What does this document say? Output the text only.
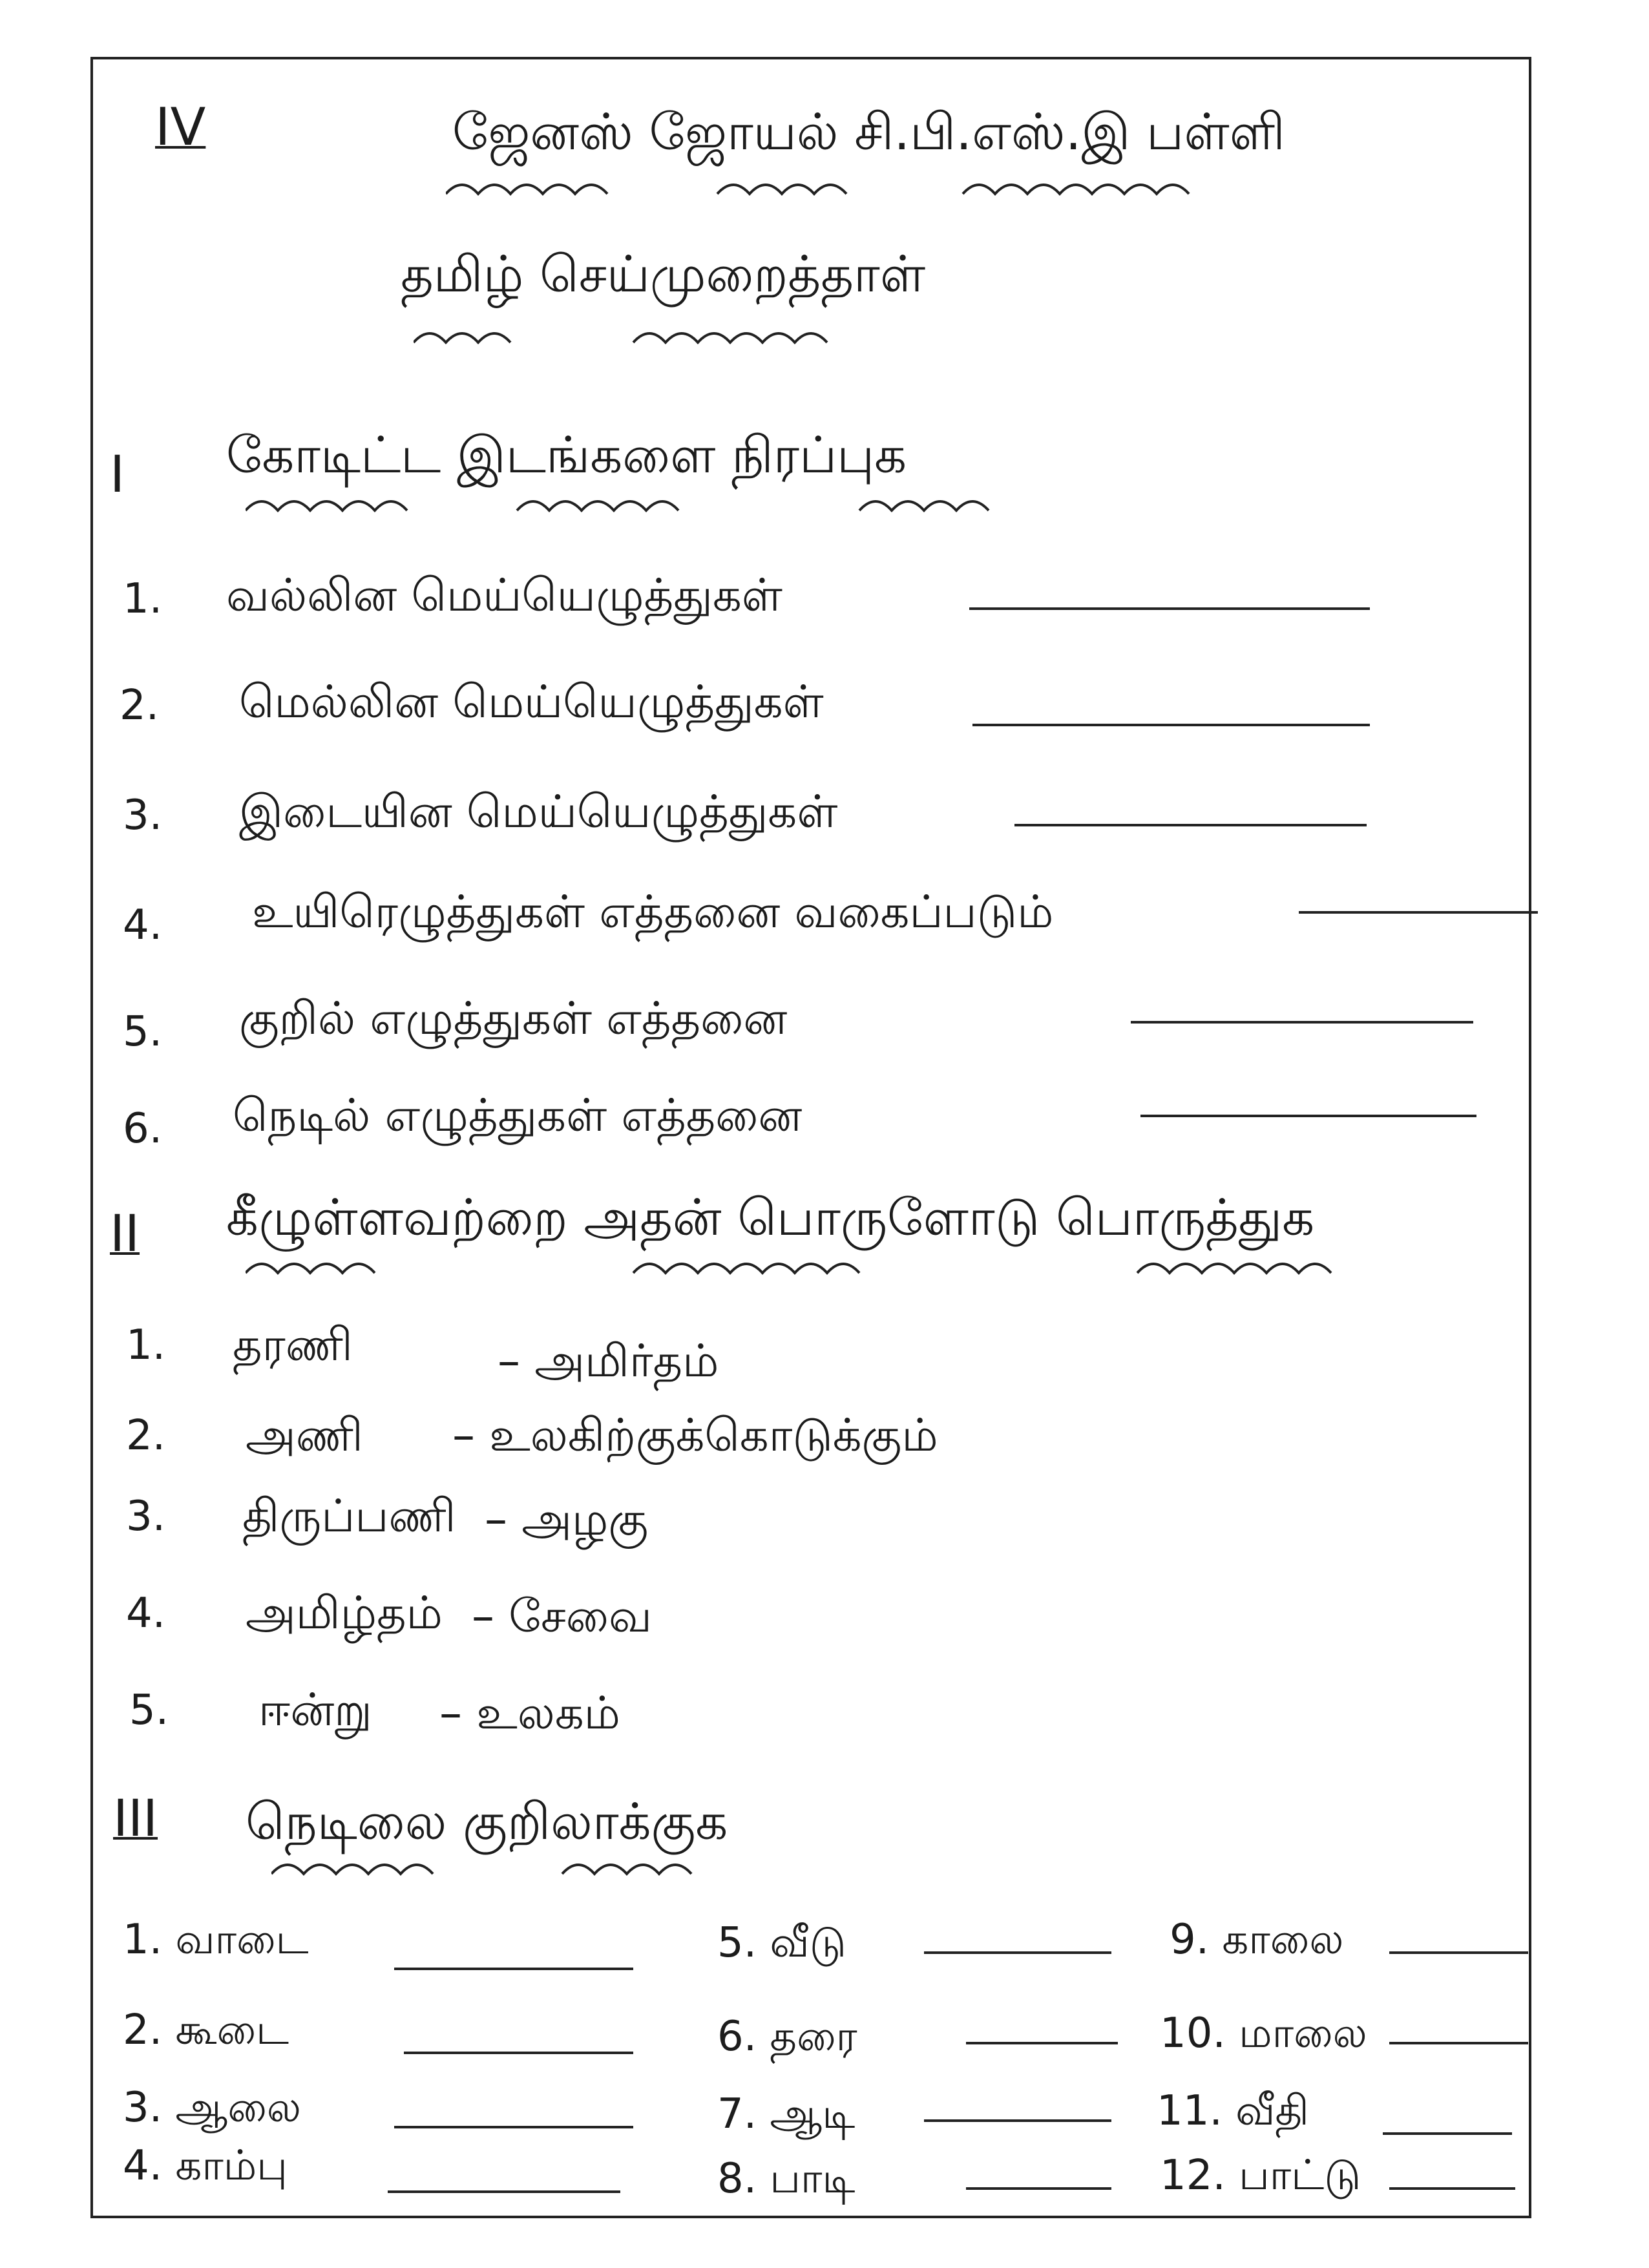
IV	ஜேனஸ் ஜோயல் சி.பி.எஸ்.இ பள்ளி
தமிழ் செய்முறைத்தாள்
I கோடிட்ட இடங்களை நிரப்புக
1. வல்லின மெய்யெழுத்துகள்
2. மெல்லின மெய்யெழுத்துகள்
3. இடையின மெய்யெழுத்துகள்
4. உயிரெழுத்துகள் எத்தனை வகைப்படும்
5. குறில் எழுத்துகள் எத்தனை
6. நெடில் எழுத்துகள் எத்தனை
II கீழுள்ளவற்றை அதன் பொருளோடு பொருத்துக
1. தரணி	– அமிர்தம்
2. அணி – உலகிற்குக்கொடுக்கும்
3. திருப்பணி – அழகு
4. அமிழ்தம் – சேவை
5. ஈன்று – உலகம்
III நெடிலை குறிலாக்குக
1. வாடை
2. கூடை
3. ஆலை
4. காம்பு
5. வீடு
6. தரை
7. ஆடி
8. பாடி
9. காலை
10. மாலை
11. வீதி
12. பாட்டு
